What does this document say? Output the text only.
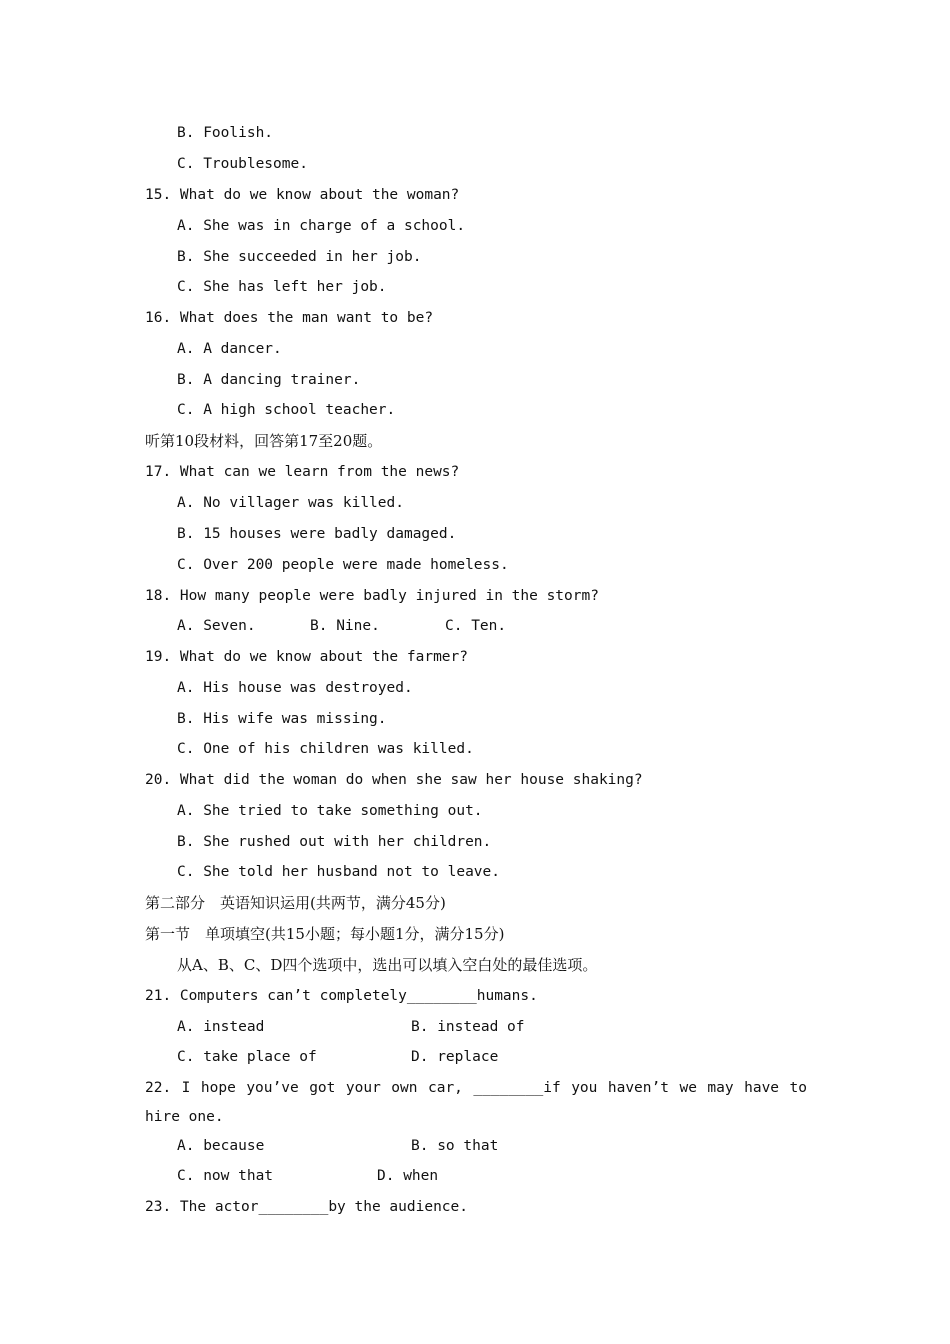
B. Foolish.
C. Troublesome.
15. What do we know about the woman?
A. She was in charge of a school.
B. She succeeded in her job.
C. She has left her job.
16. What does the man want to be?
A. A dancer.
B. A dancing trainer.
C. A high school teacher.
听第10段材料，回答第17至20题。
17. What can we learn from the news?
A. No villager was killed.
B. 15 houses were badly damaged.
C. Over 200 people were made homeless.
18. How many people were badly injured in the storm?
A. Seven.	B. Nine.	C. Ten.
19. What do we know about the farmer?
A. His house was destroyed.
B. His wife was missing.
C. One of his children was killed.
20. What did the woman do when she saw her house shaking?
A. She tried to take something out.
B. She rushed out with her children.
C. She told her husband not to leave.
第二部分　英语知识运用(共两节，满分45分)
第一节　单项填空(共15小题；每小题1分，满分15分)
从A、B、C、D四个选项中，选出可以填入空白处的最佳选项。
21. Computers can’t completely________humans.
A. instead	B. instead of
C. take place of	D. replace
22. I hope you’ve got your own car, ________if you haven’t we may have to
hire one.
A. because	B. so that
C. now that	D. when
23. The actor________by the audience.
